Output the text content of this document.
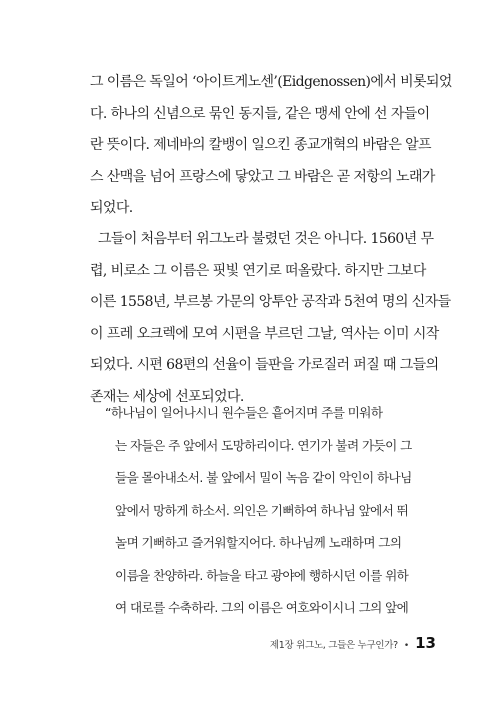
그 이름은 독일어 ‘아이트게노센’(Eidgenossen)에서 비롯되었
다. 하나의 신념으로 묶인 동지들, 같은 맹세 안에 선 자들이
란 뜻이다. 제네바의 칼뱅이 일으킨 종교개혁의 바람은 알프
스 산맥을 넘어 프랑스에 닿았고 그 바람은 곧 저항의 노래가
되었다.
그들이 처음부터 위그노라 불렸던 것은 아니다. 1560년 무
렵, 비로소 그 이름은 핏빛 연기로 떠올랐다. 하지만 그보다
이른 1558년, 부르봉 가문의 앙투안 공작과 5천여 명의 신자들
이 프레 오크렉에 모여 시편을 부르던 그날, 역사는 이미 시작
되었다. 시편 68편의 선율이 들판을 가로질러 퍼질 때 그들의
존재는 세상에 선포되었다.
“하나님이 일어나시니 원수들은 흩어지며 주를 미워하
는 자들은 주 앞에서 도망하리이다. 연기가 불려 가듯이 그
들을 몰아내소서. 불 앞에서 밀이 녹음 같이 악인이 하나님
앞에서 망하게 하소서. 의인은 기뻐하여 하나님 앞에서 뛰
놀며 기뻐하고 즐거워할지어다. 하나님께 노래하며 그의
이름을 찬양하라. 하늘을 타고 광야에 행하시던 이를 위하
여 대로를 수축하라. 그의 이름은 여호와이시니 그의 앞에
제1장 위그노, 그들은 누구인가? • 13
